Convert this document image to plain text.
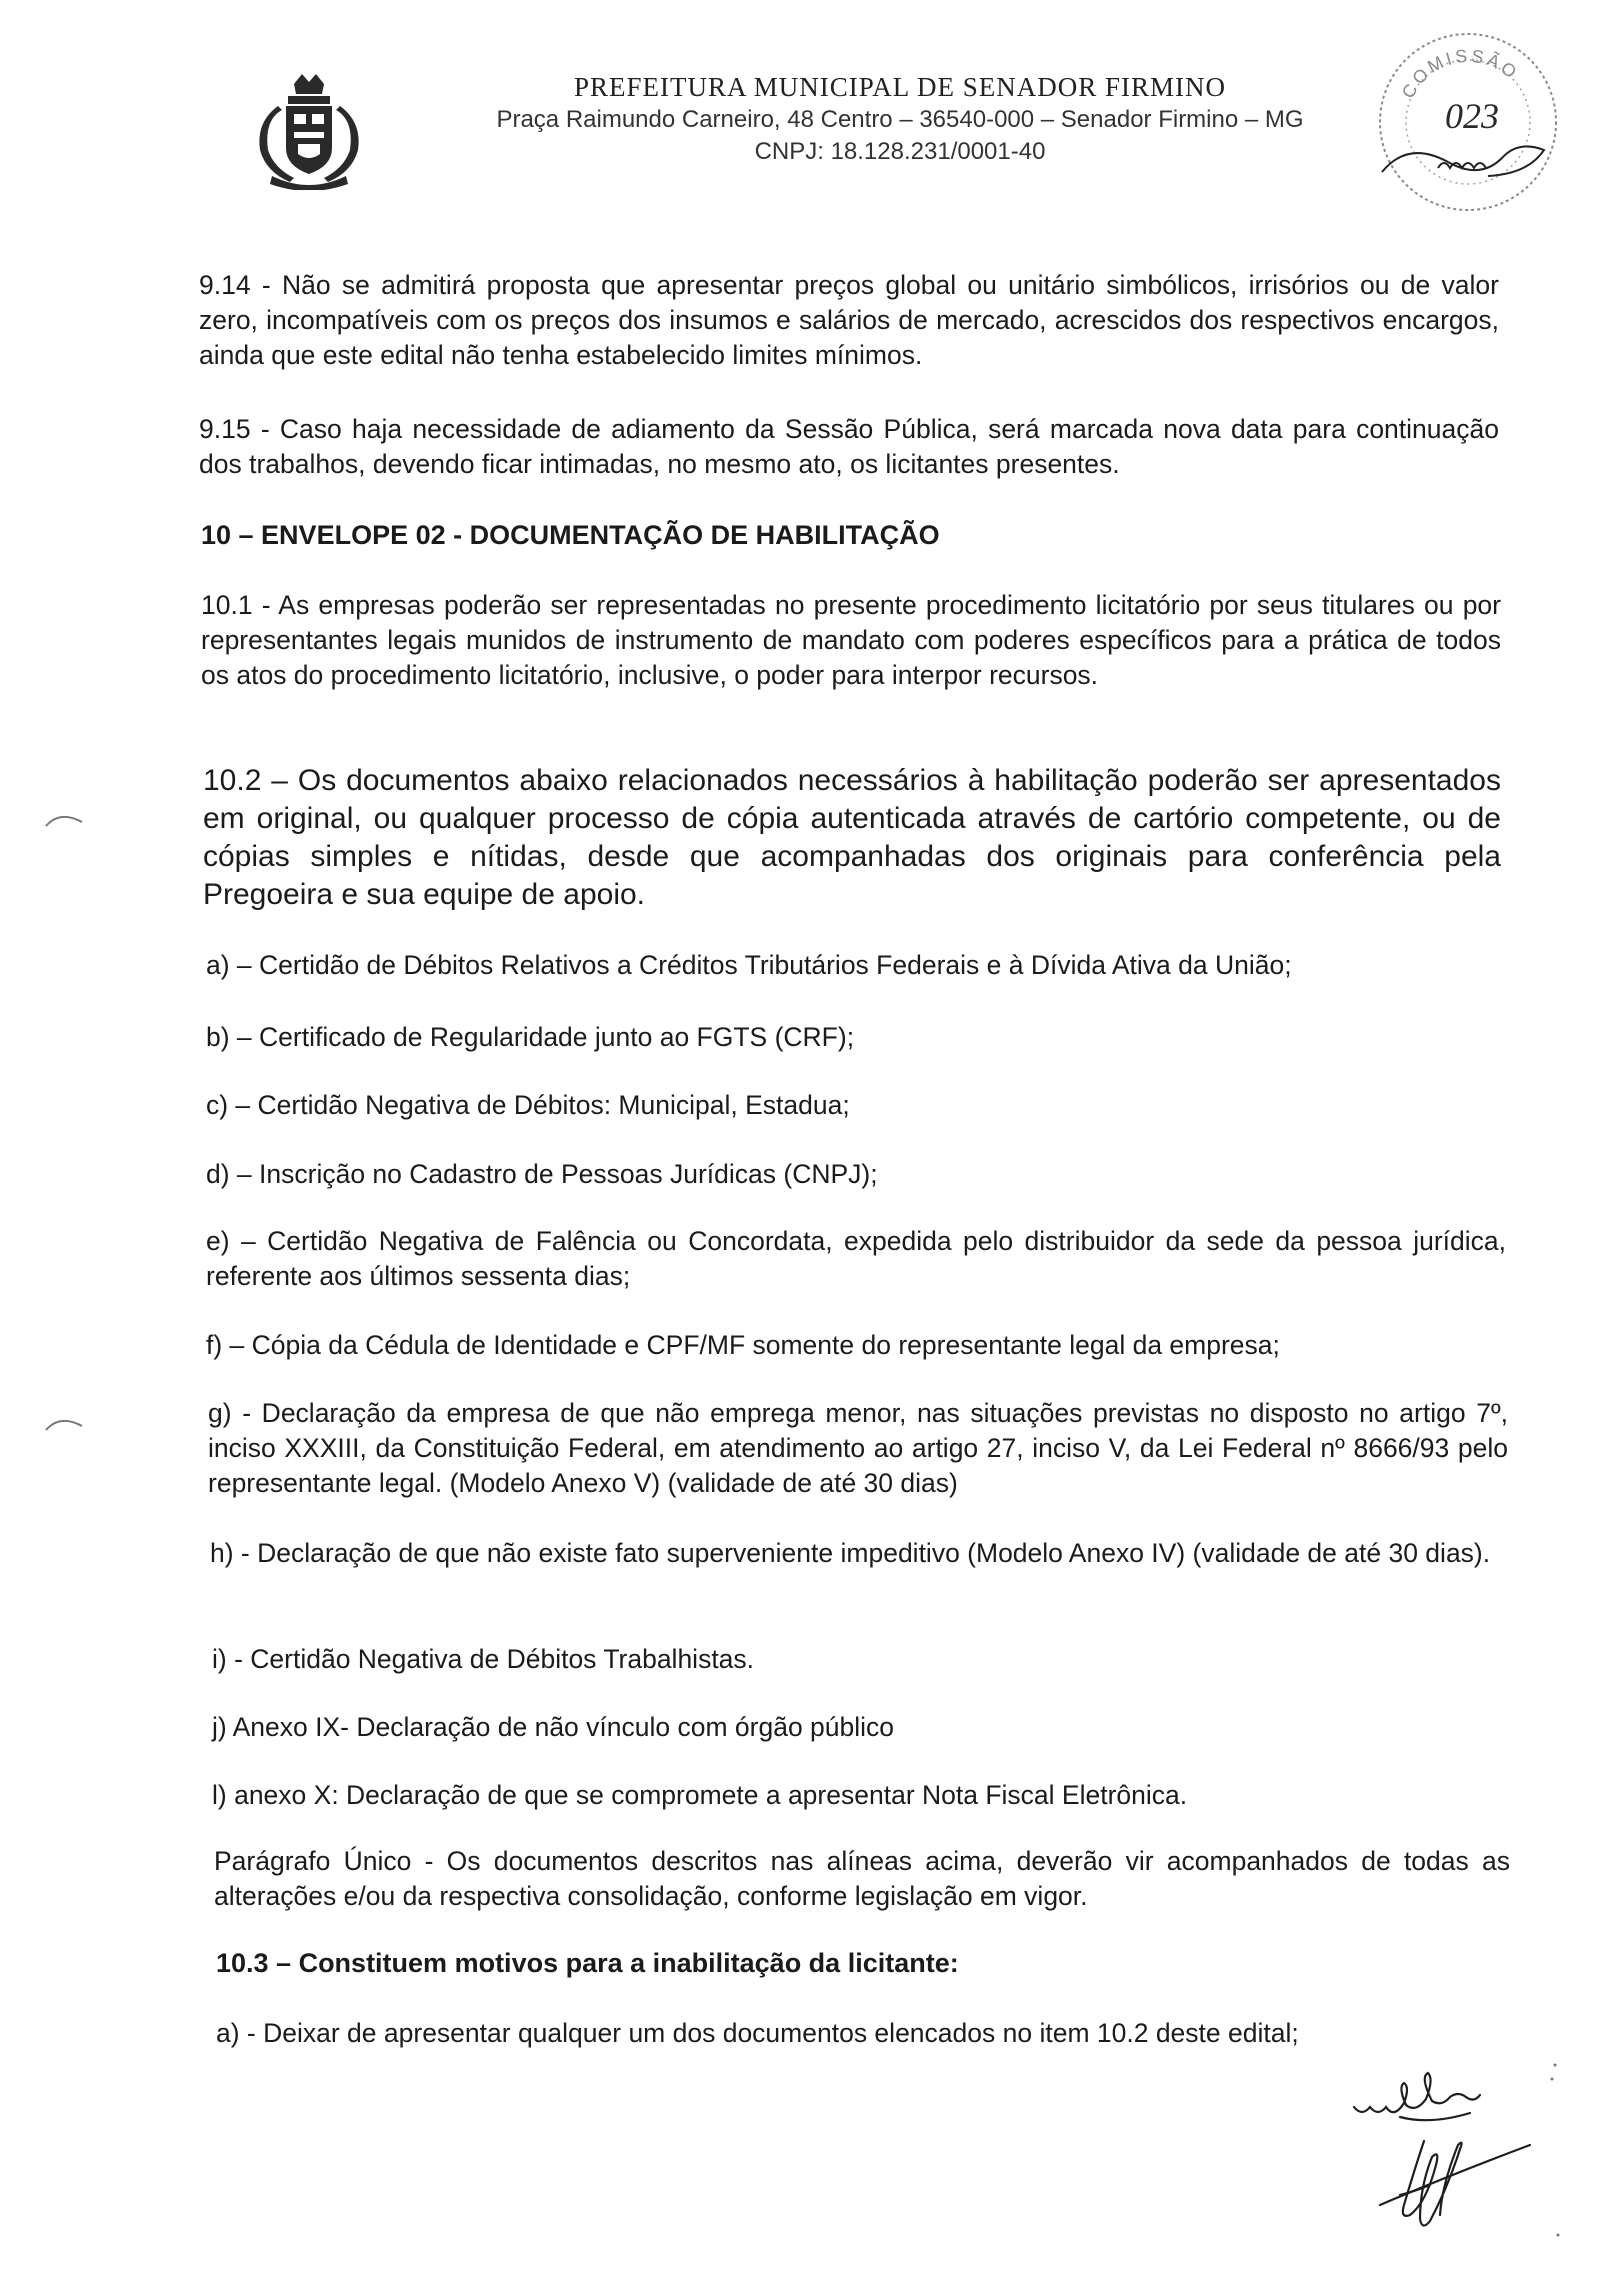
PREFEITURA MUNICIPAL DE SENADOR FIRMINO
Praça Raimundo Carneiro, 48 Centro – 36540-000 – Senador Firmino – MG
CNPJ: 18.128.231/0001-40
COMISSÃO
023

9.14 - Não se admitirá proposta que apresentar preços global ou unitário simbólicos, irrisórios ou de valor zero, incompatíveis com os preços dos insumos e salários de mercado, acrescidos dos respectivos encargos, ainda que este edital não tenha estabelecido limites mínimos.

9.15 - Caso haja necessidade de adiamento da Sessão Pública, será marcada nova data para continuação dos trabalhos, devendo ficar intimadas, no mesmo ato, os licitantes presentes.

10 – ENVELOPE 02 - DOCUMENTAÇÃO DE HABILITAÇÃO

10.1 - As empresas poderão ser representadas no presente procedimento licitatório por seus titulares ou por representantes legais munidos de instrumento de mandato com poderes específicos para a prática de todos os atos do procedimento licitatório, inclusive, o poder para interpor recursos.

10.2 – Os documentos abaixo relacionados necessários à habilitação poderão ser apresentados em original, ou qualquer processo de cópia autenticada através de cartório competente, ou de cópias simples e nítidas, desde que acompanhadas dos originais para conferência pela Pregoeira e sua equipe de apoio.

a) – Certidão de Débitos Relativos a Créditos Tributários Federais e à Dívida Ativa da União;

b) – Certificado de Regularidade junto ao FGTS (CRF);

c) – Certidão Negativa de Débitos: Municipal, Estadua;

d) – Inscrição no Cadastro de Pessoas Jurídicas (CNPJ);

e) – Certidão Negativa de Falência ou Concordata, expedida pelo distribuidor da sede da pessoa jurídica, referente aos últimos sessenta dias;

f) – Cópia da Cédula de Identidade e CPF/MF somente do representante legal da empresa;

g) - Declaração da empresa de que não emprega menor, nas situações previstas no disposto no artigo 7º, inciso XXXIII, da Constituição Federal, em atendimento ao artigo 27, inciso V, da Lei Federal nº 8666/93 pelo representante legal. (Modelo Anexo V) (validade de até 30 dias)

h) - Declaração de que não existe fato superveniente impeditivo (Modelo Anexo IV) (validade de até 30 dias).

i) - Certidão Negativa de Débitos Trabalhistas.

j) Anexo IX- Declaração de não vínculo com órgão público

l) anexo X: Declaração de que se compromete a apresentar Nota Fiscal Eletrônica.

Parágrafo Único - Os documentos descritos nas alíneas acima, deverão vir acompanhados de todas as alterações e/ou da respectiva consolidação, conforme legislação em vigor.

10.3 – Constituem motivos para a inabilitação da licitante:

a) - Deixar de apresentar qualquer um dos documentos elencados no item 10.2 deste edital;
